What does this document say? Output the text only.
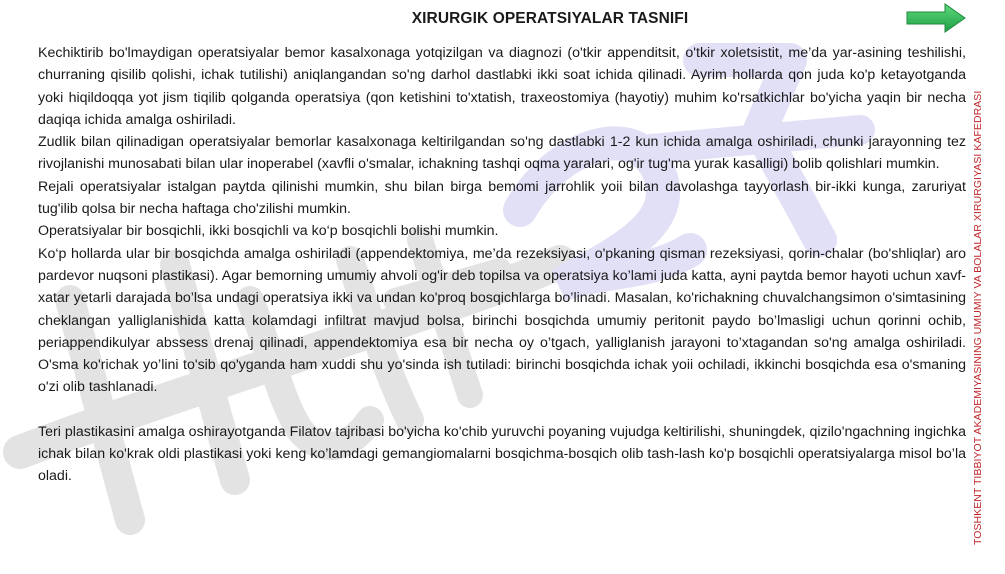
XIRURGIK OPERATSIYALAR TASNIFI
TOSHKENT TIBBIYOT AKADEMIYASINING UMUMIY VA BOLALAR XIRURGIYASI KAFEDRASI

Kechiktirib bo'lmaydigan operatsiyalar bemor kasalxonaga yotqizilgan va diagnozi (o'tkir appenditsit, o'tkir xoletsistit, me’da yar-asining teshilishi, churraning qisilib qolishi, ichak tutilishi) aniqlangandan so'ng darhol dastlabki ikki soat ichida qilinadi. Ayrim hollarda qon juda ko'p ketayotganda yoki hiqildoqqa yot jism tiqilib qolganda operatsiya (qon ketishini to'xtatish, traxeostomiya (hayotiy) muhim ko'rsatkichlar bo'yicha yaqin bir necha daqiqa ichida amalga oshiriladi.

Zudlik bilan qilinadigan operatsiyalar bemorlar kasalxonaga keltirilgandan so'ng dastlabki 1-2 kun ichida amalga oshiriladi, chunki jarayonning tez rivojlanishi munosabati bilan ular inoperabel (xavfli o'smalar, ichakning tashqi oqma yaralari, og'ir tug'ma yurak kasalligi) bolib qolishlari mumkin.

Rejali operatsiyalar istalgan paytda qilinishi mumkin, shu bilan birga bemomi jarrohlik yoii bilan davolashga tayyorlash bir-ikki kunga, zaruriyat tug'ilib qolsa bir necha haftaga cho'zilishi mumkin.

Operatsiyalar bir bosqichli, ikki bosqichli va ko‘p bosqichli bolishi mumkin.

Ko‘p hollarda ular bir bosqichda amalga oshiriladi (appendektomiya, me’da rezeksiyasi, o'pkaning qisman rezeksiyasi, qorin-chalar (bo'shliqlar) aro pardevor nuqsoni plastikasi). Agar bemorning umumiy ahvoli og'ir deb topilsa va operatsiya ko’lami juda katta, ayni paytda bemor hayoti uchun xavf-xatar yetarli darajada bo’lsa undagi operatsiya ikki va undan ko'proq bosqichlarga bo’linadi. Masalan, ko'richakning chuvalchangsimon o'simtasining cheklangan yalliglanishida katta kolamdagi infiltrat mavjud bolsa, birinchi bosqichda umumiy peritonit paydo bo’lmasligi uchun qorinni ochib, periappendikulyar abssess drenaj qilinadi, appendektomiya esa bir necha oy o’tgach, yalliglanish jarayoni to’xtagandan so'ng amalga oshiriladi. O'sma ko'richak yo’lini to'sib qo'yganda ham xuddi shu yo'sinda ish tutiladi: birinchi bosqichda ichak yoii ochiladi, ikkinchi bosqichda esa o'smaning o'zi olib tashlanadi.

Teri plastikasini amalga oshirayotganda Filatov tajribasi bo'yicha ko'chib yuruvchi poyaning vujudga keltirilishi, shuningdek, qizilo'ngachning ingichka ichak bilan ko'krak oldi plastikasi yoki keng ko’lamdagi gemangiomalarni bosqichma-bosqich olib tash-lash ko'p bosqichli operatsiyalarga misol bo’la oladi.
